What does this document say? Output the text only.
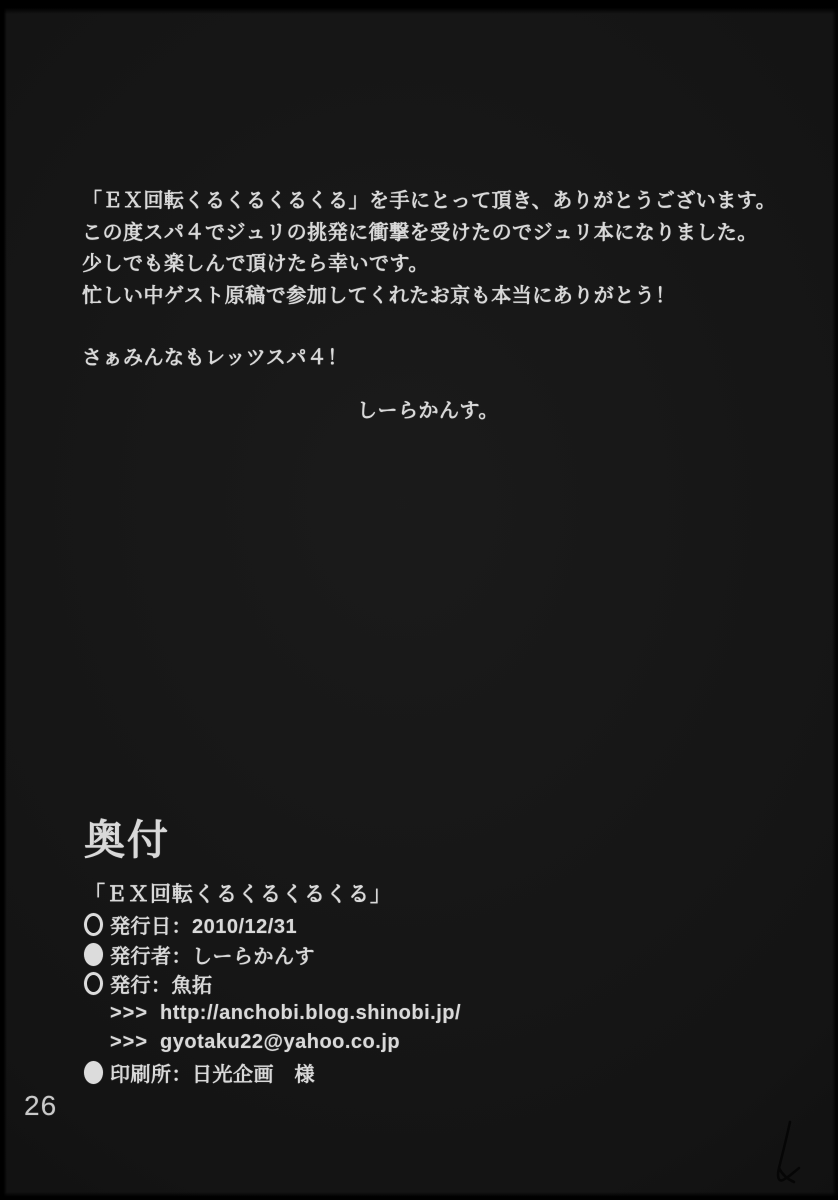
「ＥＸ回転くるくるくるくる」を手にとって頂き、ありがとうございます。
この度スパ４でジュリの挑発に衝撃を受けたのでジュリ本になりました。
少しでも楽しんで頂けたら幸いです。
忙しい中ゲスト原稿で参加してくれたお京も本当にありがとう！
さぁみんなもレッツスパ４！
しーらかんす。
奥付
「ＥＸ回転くるくるくるくる」
発行日：2010/12/31
発行者：しーらかんす
発行：魚拓
>>> http://anchobi.blog.shinobi.jp/
>>> gyotaku22@yahoo.co.jp
印刷所：日光企画　様
26
